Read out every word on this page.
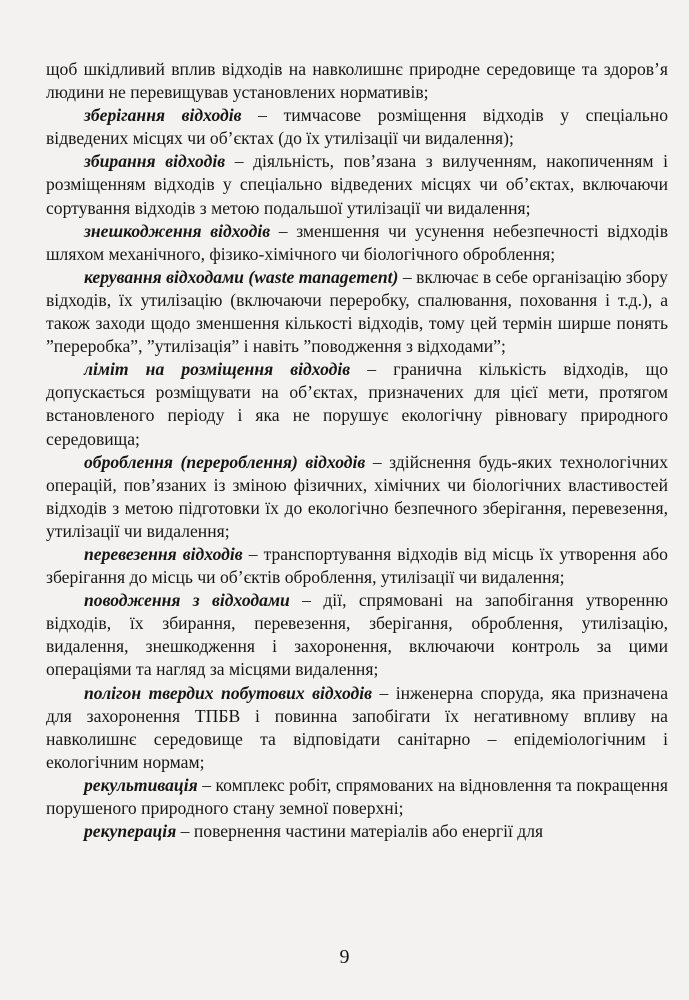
щоб шкідливий вплив відходів на навколишнє природне середовище та здоров’я людини не перевищував установлених нормативів;

зберігання відходів – тимчасове розміщення відходів у спеціально відведених місцях чи об’єктах (до їх утилізації чи видалення);

збирання відходів – діяльність, пов’язана з вилученням, накопиченням і розміщенням відходів у спеціально відведених місцях чи об’єктах, включаючи сортування відходів з метою подальшої утилізації чи видалення;

знешкодження відходів – зменшення чи усунення небезпечності відходів шляхом механічного, фізико-хімічного чи біологічного оброблення;

керування відходами (waste management) – включає в себе організацію збору відходів, їх утилізацію (включаючи переробку, спалювання, поховання і т.д.), а також заходи щодо зменшення кількості відходів, тому цей термін ширше понять ”переробка”, ”утилізація” і навіть ”поводження з відходами”;

ліміт на розміщення відходів – гранична кількість відходів, що допускається розміщувати на об’єктах, призначених для цієї мети, протягом встановленого періоду і яка не порушує екологічну рівновагу природного середовища;

оброблення (перероблення) відходів – здійснення будь-яких технологічних операцій, пов’язаних із зміною фізичних, хімічних чи біологічних властивостей відходів з метою підготовки їх до екологічно безпечного зберігання, перевезення, утилізації чи видалення;

перевезення відходів – транспортування відходів від місць їх утворення або зберігання до місць чи об’єктів оброблення, утилізації чи видалення;

поводження з відходами – дії, спрямовані на запобігання утворенню відходів, їх збирання, перевезення, зберігання, оброблення, утилізацію, видалення, знешкодження і захоронення, включаючи контроль за цими операціями та нагляд за місцями видалення;

полігон твердих побутових відходів – інженерна споруда, яка призначена для захоронення ТПБВ і повинна запобігати їх негативному впливу на навколишнє середовище та відповідати санітарно – епідеміологічним і екологічним нормам;

рекультивація – комплекс робіт, спрямованих на відновлення та покращення порушеного природного стану земної поверхні;

рекуперація – повернення частини матеріалів або енергії для

9
